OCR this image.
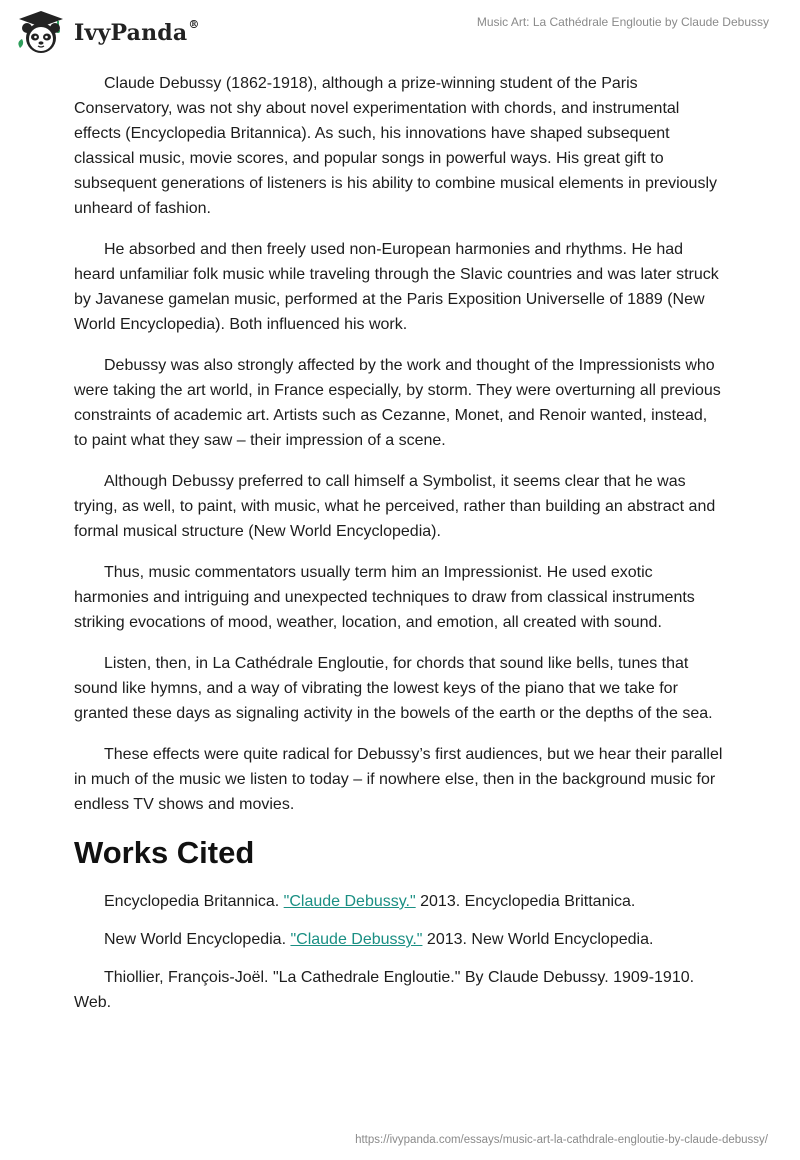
IvyPanda®	Music Art: La Cathédrale Engloutie by Claude Debussy

Claude Debussy (1862-1918), although a prize-winning student of the Paris Conservatory, was not shy about novel experimentation with chords, and instrumental effects (Encyclopedia Britannica). As such, his innovations have shaped subsequent classical music, movie scores, and popular songs in powerful ways. His great gift to subsequent generations of listeners is his ability to combine musical elements in previously unheard of fashion.

He absorbed and then freely used non-European harmonies and rhythms. He had heard unfamiliar folk music while traveling through the Slavic countries and was later struck by Javanese gamelan music, performed at the Paris Exposition Universelle of 1889 (New World Encyclopedia). Both influenced his work.

Debussy was also strongly affected by the work and thought of the Impressionists who were taking the art world, in France especially, by storm. They were overturning all previous constraints of academic art. Artists such as Cezanne, Monet, and Renoir wanted, instead, to paint what they saw – their impression of a scene.

Although Debussy preferred to call himself a Symbolist, it seems clear that he was trying, as well, to paint, with music, what he perceived, rather than building an abstract and formal musical structure (New World Encyclopedia).

Thus, music commentators usually term him an Impressionist. He used exotic harmonies and intriguing and unexpected techniques to draw from classical instruments striking evocations of mood, weather, location, and emotion, all created with sound.

Listen, then, in La Cathédrale Engloutie, for chords that sound like bells, tunes that sound like hymns, and a way of vibrating the lowest keys of the piano that we take for granted these days as signaling activity in the bowels of the earth or the depths of the sea.

These effects were quite radical for Debussy’s first audiences, but we hear their parallel in much of the music we listen to today – if nowhere else, then in the background music for endless TV shows and movies.

Works Cited

Encyclopedia Britannica. "Claude Debussy." 2013. Encyclopedia Brittanica.

New World Encyclopedia. "Claude Debussy." 2013. New World Encyclopedia.

Thiollier, François-Joël. "La Cathedrale Engloutie." By Claude Debussy. 1909-1910. Web.

https://ivypanda.com/essays/music-art-la-cathdrale-engloutie-by-claude-debussy/
